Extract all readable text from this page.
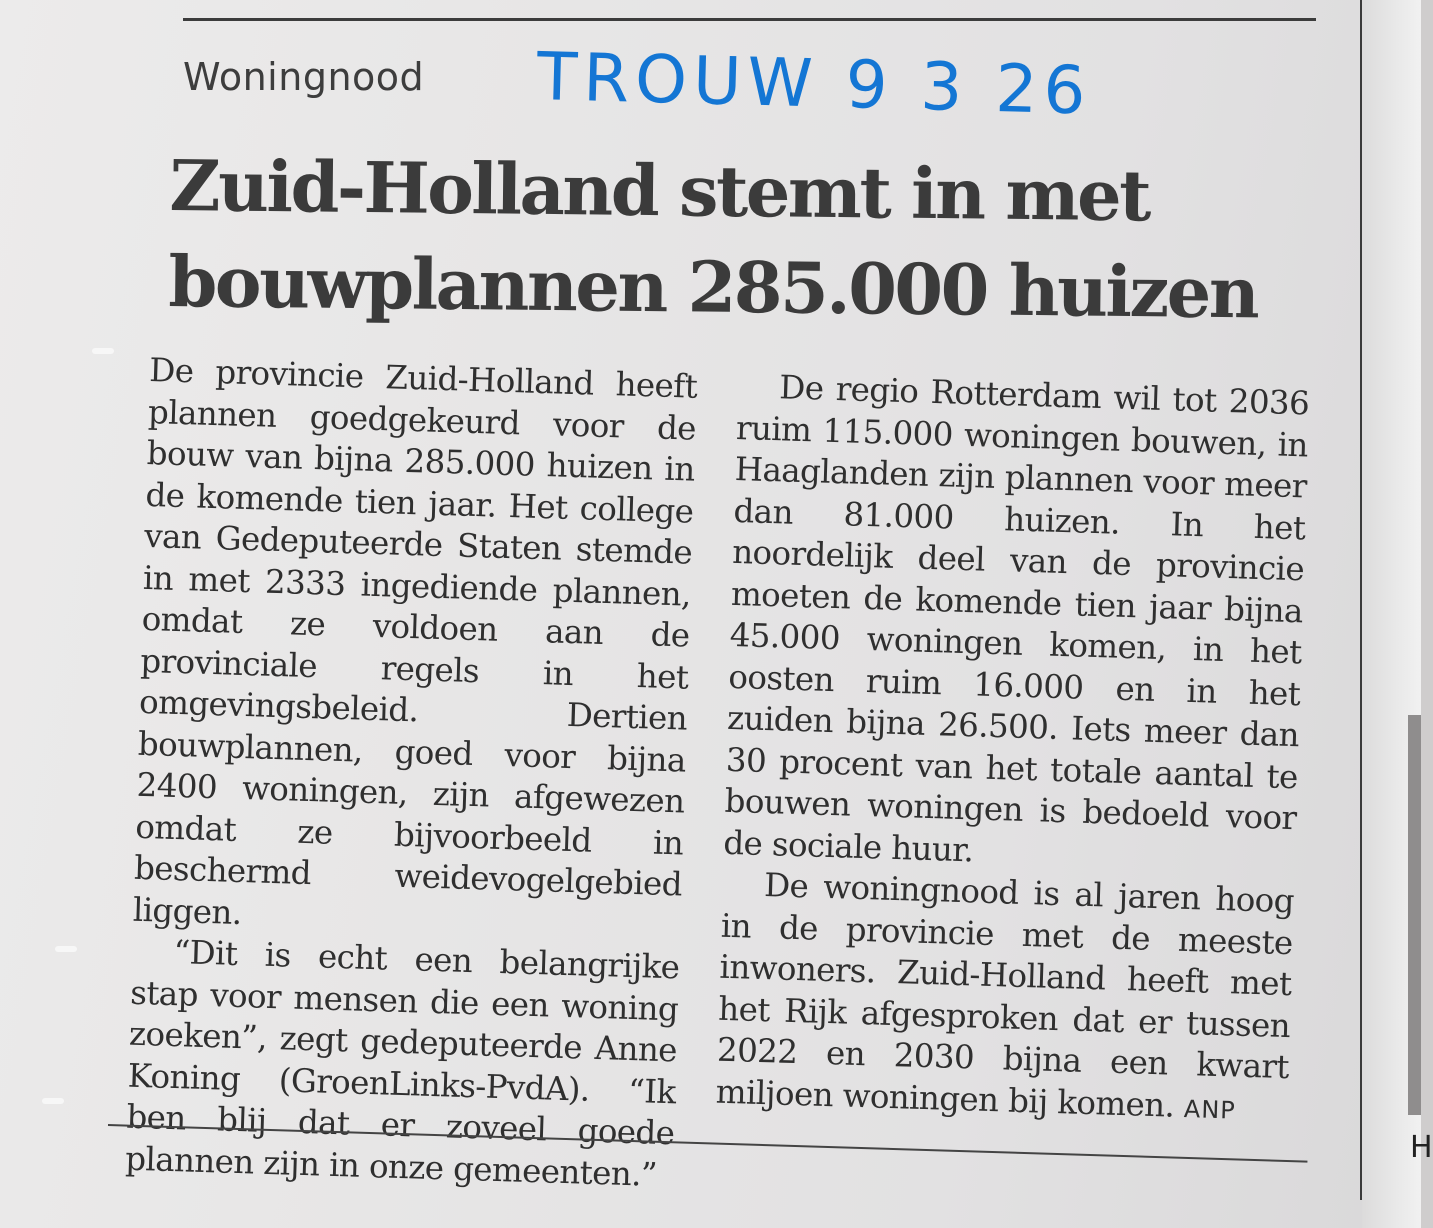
H
Woningnood TROUW 9 3 26
Zuid-Holland stemt in met
bouwplannen 285.000 huizen

De provincie Zuid-Holland heeft plannen goedgekeurd voor de bouw van bijna 285.000 huizen in de komende tien jaar. Het college van Gedeputeerde Staten stemde in met 2333 ingediende plannen, omdat ze voldoen aan de provinciale regels in het omgevingsbeleid. Dertien bouwplannen, goed voor bijna 2400 woningen, zijn afgewezen omdat ze bijvoorbeeld in beschermd weidevogelgebied liggen.

“Dit is echt een belangrijke stap voor mensen die een woning zoeken”, zegt gedeputeerde Anne Koning (GroenLinks-PvdA). “Ik ben blij dat er zoveel goede plannen zijn in onze gemeenten.”

De regio Rotterdam wil tot 2036 ruim 115.000 woningen bouwen, in Haaglanden zijn plannen voor meer dan 81.000 huizen. In het noordelijk deel van de provincie moeten de komende tien jaar bijna 45.000 woningen komen, in het oosten ruim 16.000 en in het zuiden bijna 26.500. Iets meer dan 30 procent van het totale aantal te bouwen woningen is bedoeld voor de sociale huur.

De woningnood is al jaren hoog in de provincie met de meeste inwoners. Zuid-Holland heeft met het Rijk afgesproken dat er tussen 2022 en 2030 bijna een kwart miljoen woningen bij komen. ANP
